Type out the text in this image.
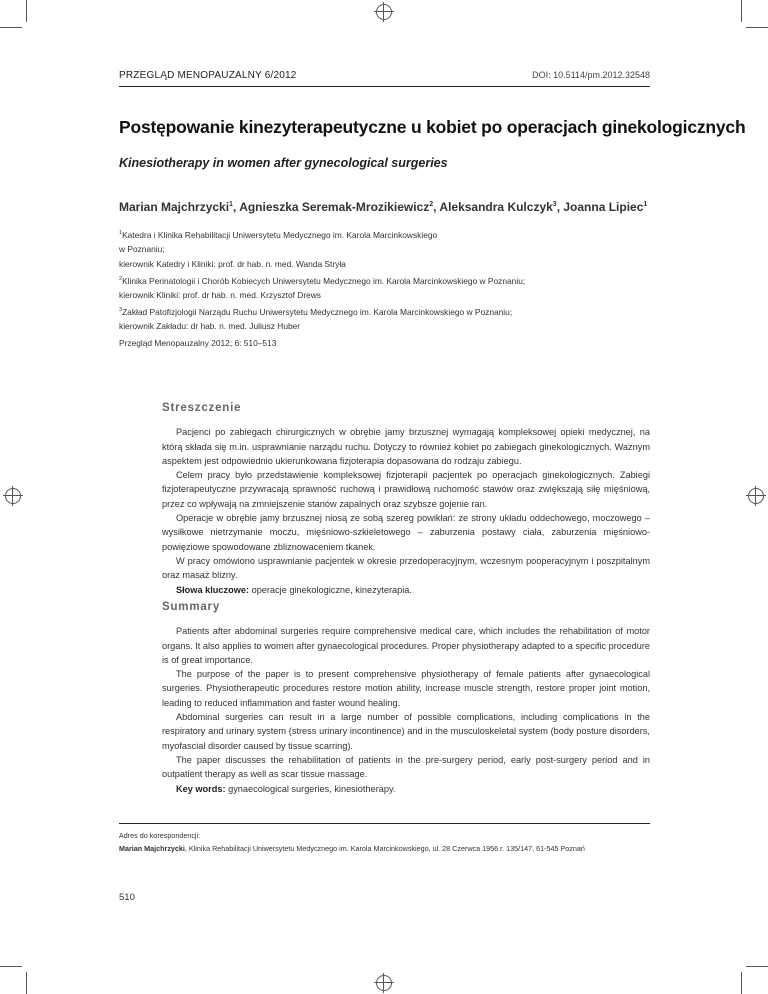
PRZEGLĄD MENOPAUZALNY 6/2012	DOI: 10.5114/pm.2012.32548
Postępowanie kinezyterapeutyczne u kobiet po operacjach ginekologicznych
Kinesiotherapy in women after gynecological surgeries
Marian Majchrzycki$^1$, Agnieszka Seremak-Mrozikiewicz$^2$, Aleksandra Kulczyk$^3$, Joanna Lipiec$^1$
$^1$Katedra i Klinika Rehabilitacji Uniwersytetu Medycznego im. Karola Marcinkowskiego
w Poznaniu;
kierownik Katedry i Kliniki: prof. dr hab. n. med. Wanda Stryła
$^2$Klinika Perinatologii i Chorób Kobiecych Uniwersytetu Medycznego im. Karola Marcinkowskiego w Poznaniu;
kierownik Kliniki: prof. dr hab. n. med. Krzysztof Drews
$^3$Zakład Patofizjologii Narządu Ruchu Uniwersytetu Medycznego im. Karola Marcinkowskiego w Poznaniu;
kierownik Zakładu: dr hab. n. med. Juliusz Huber
Przegląd Menopauzalny 2012; 6: 510–513
Streszczenie

Pacjenci po zabiegach chirurgicznych w obrębie jamy brzusznej wymagają kompleksowej opieki medycznej, na którą składa się m.in. usprawnianie narządu ruchu. Dotyczy to również kobiet po zabiegach ginekologicznych. Ważnym aspektem jest odpowiednio ukierunkowana fizjoterapia dopasowana do rodzaju zabiegu.

Celem pracy było przedstawienie kompleksowej fizjoterapii pacjentek po operacjach ginekologicznych. Zabiegi fizjoterapeutyczne przywracają sprawność ruchową i prawidłową ruchomość stawów oraz zwiększają siłę mięśniową, przez co wpływają na zmniejszenie stanów zapalnych oraz szybsze gojenie ran.

Operacje w obrębie jamy brzusznej niosą ze sobą szereg powikłań: ze strony układu oddechowego, moczowego – wysiłkowe nietrzymanie moczu, mięśniowo-szkieletowego – zaburzenia postawy ciała, zaburzenia mięśniowo-powięziowe spowodowane zbliznowaceniem tkanek.

W pracy omówiono usprawnianie pacjentek w okresie przedoperacyjnym, wczesnym pooperacyjnym i poszpitalnym oraz masaż blizny.

Słowa kluczowe: operacje ginekologiczne, kinezyterapia.

Summary

Patients after abdominal surgeries require comprehensive medical care, which includes the rehabilitation of motor organs. It also applies to women after gynaecological procedures. Proper physiotherapy adapted to a specific procedure is of great importance.

The purpose of the paper is to present comprehensive physiotherapy of female patients after gynaecological surgeries. Physiotherapeutic procedures restore motion ability, increase muscle strength, restore proper joint motion, leading to reduced inflammation and faster wound healing.

Abdominal surgeries can result in a large number of possible complications, including complications in the respiratory and urinary system (stress urinary incontinence) and in the musculoskeletal system (body posture disorders, myofascial disorder caused by tissue scarring).

The paper discusses the rehabilitation of patients in the pre-surgery period, early post-surgery period and in outpatient therapy as well as scar tissue massage.

Key words: gynaecological surgeries, kinesiotherapy.

Adres do korespondencji:
Marian Majchrzycki, Klinika Rehabilitacji Uniwersytetu Medycznego im. Karola Marcinkowskiego, ul. 28 Czerwca 1956 r. 135/147, 61-545 Poznań
510
